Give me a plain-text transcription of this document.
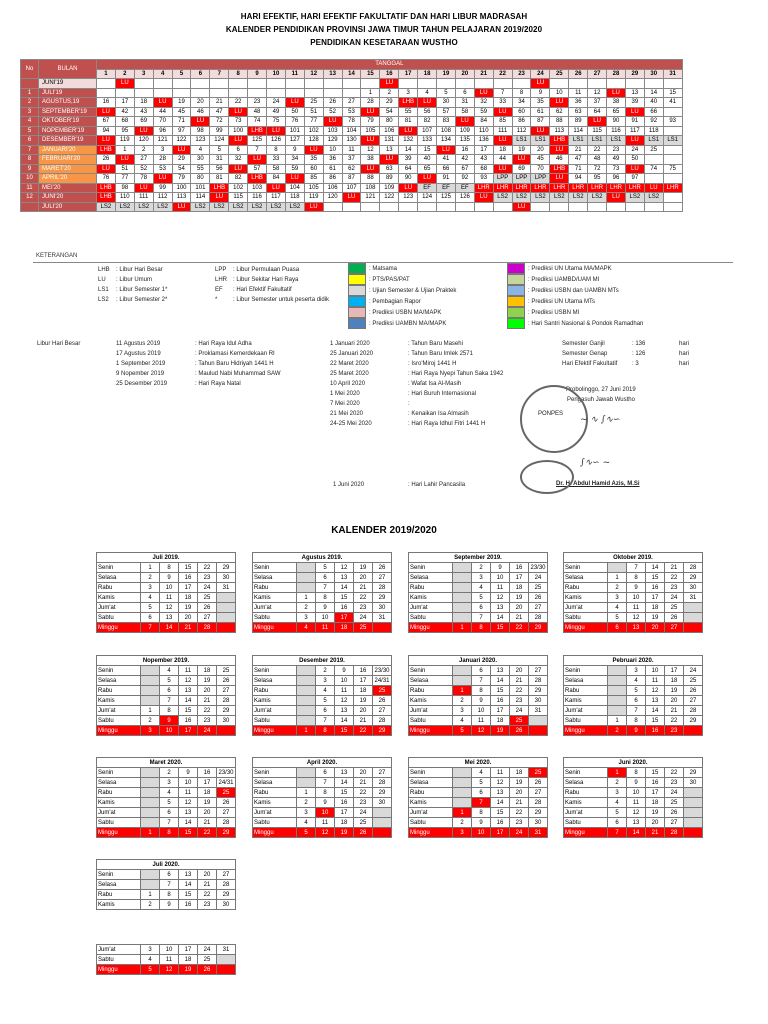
HARI EFEKTIF, HARI EFEKTIF FAKULTATIF DAN HARI LIBUR MADRASAH
KALENDER PENDIDIKAN PROVINSI JAWA TIMUR TAHUN PELAJARAN 2019/2020
PENDIDIKAN KESETARAAN WUSTHO
No	BULAN	TANGGAL																														
		1	2	3	4	5	6	7	8	9	10	11	12	13	14	15	16	17	18	19	20	21	22	23	24	25	26	27	28	29	30	31
	JUNI'19		LU														LU								LU							
1	JULI'19															1	2	3	4	5	6	LU	7	8	9	10	11	12	LU	13	14	15
2	AGUSTUS,19	16	17	18	LU	19	20	21	22	23	24	LU	25	26	27	28	29	LHB	LU	30	31	32	33	34	35	LU	36	37	38	39	40	41
3	SEPTEMBER'19	LU	42	43	44	45	46	47	LU	48	49	50	51	52	53	LU	54	55	56	57	58	59	LU	60	61	62	63	64	65	LU	66	
4	OKTOBER'19	67	68	69	70	71	LU	72	73	74	75	76	77	LU	78	79	80	81	82	83	LU	84	85	86	87	88	89	LU	90	91	92	93
5	NOPEMBER'19	94	95	LU	96	97	98	99	100	LHB	LU	101	102	103	104	105	106	LU	107	108	109	110	111	112	LU	113	114	115	116	117	118	
6	DESEMBER'19	LU	119	120	121	122	123	124	LU	125	126	127	128	129	130	LU	131	132	133	134	135	136	LU	LS1	LS1	LHB	LS1	LS1	LS1	LU	LS1	LS1
7	JANUARI'20	LHB	1	2	3	LU	4	5	6	7	8	9	LU	10	11	12	13	14	15	LU	16	17	18	19	20	LU	21	22	23	24	25	
8	FEBRUARI'20	26	LU	27	28	29	30	31	32	LU	33	34	35	36	37	38	LU	39	40	41	42	43	44	LU	45	46	47	48	49	50		
9	MARET'20	LU	51	52	53	54	55	56	LU	57	58	59	60	61	62	LU	63	64	65	66	67	68	LU	69	70	LHB	71	72	73	LU	74	75
10	APRIL'20	76	77	78	LU	79	80	81	82	LHB	84	LU	85	86	87	88	89	90	LU	91	92	93	LPP	LPP	LPP	LU	94	95	96	97		
11	MEI'20	LHB	98	LU	99	100	101	LHB	102	103	LU	104	105	106	107	108	109	LU	EF	EF	EF	LHR	LHR	LHR	LHR	LHR	LHR	LHR	LHR	LHR	LU	LHR
12	JUNI'20	LHB	110	111	112	113	114	LU	115	116	117	118	119	120	LU	121	122	123	124	125	126	LU	LS2	LS2	LS2	LS2	LS2	LS2	LU	LS2	LS2	
	JULI'20	LS2	LS2	LS2	LS2	LU	LS2	LS2	LS2	LS2	LS2	LS2	LU											LU								
KETERANGAN
LHB : Libur Hari Besar
LU : Libur Umum
LS1 : Libur Semester 1*
LS2 : Libur Semester 2*
LPP : Libur Permulaan Puasa
LHR : Libur Sekitar Hari Raya
EF : Hari Efektif Fakultatif
*	: Libur Semester untuk peserta didik
: Matsama
: PTS/PAS/PAT
: Ujian Semester & Ujian Praktek
: Pembagian Rapor
: Prediksi USBN MA/MAPK
: Prediksi UAMBN MA/MAPK
: Prediksi UN Utama MA/MAPK
: Prediksi UAMBD/UAM MI
: Prediksi USBN dan UAMBN MTs
: Prediksi UN Utama MTs
: Prediksi USBN MI
: Hari Santri Nasional & Pondok Ramadhan
Libur Hari Besar	11 Agustus 2019	: Hari Raya Idul Adha
17 Agustus 2019	: Proklamasi Kemerdekaan RI
1 September 2019	: Tahun Baru Hidriyah 1441 H
9 Nopember 2019	: Maulud Nabi Muhammad SAW
25 Desember 2019	: Hari Raya Natal
1 Januari 2020	: Tahun Baru Masehi
25 Januari 2020	: Tahun Baru Imlek 2571
22 Maret 2020	: Isro'Miroj 1441 H
25 Maret 2020	: Hari Raya Nyepi Tahun Saka 1942
10 April 2020	: Wafat Isa Al-Masih
1 Mei 2020	: Hari Buruh Internasional
7 Mei 2020	:
21 Mei 2020	: Kenaikan Isa Almasih
24-25 Mei 2020	: Hari Raya Idhul Fitri 1441 H
1 Juni 2020	: Hari Lahir Pancasila
Semester Ganjil	: 136	hari
Semester Genap	: 126	hari
Hari Efektif Fakultatif : 3	hari
Probolinggo, 27 Juni 2019
Pengasuh Jawab Wustho
PONPES
Dr. H. Abdul Hamid Azis, M.Si
KALENDER 2019/2020
Juli 2019.					
Senin	1	8	15	22	29
Selasa	2	9	16	23	30
Rabu	3	10	17	24	31
Kamis	4	11	18	25	
Jum'at	5	12	19	26	
Sabtu	6	13	20	27	
Minggu	7	14	21	28	
Agustus 2019.					
Senin		5	12	19	26
Selasa		6	13	20	27
Rabu		7	14	21	28
Kamis	1	8	15	22	29
Jum'at	2	9	16	23	30
Sabtu	3	10	17	24	31
Minggu	4	11	18	25	
September 2019.					
Senin		2	9	16	23/30
Selasa		3	10	17	24
Rabu		4	11	18	25
Kamis		5	12	19	26
Jum'at		6	13	20	27
Sabtu		7	14	21	28
Minggu	1	8	15	22	29
Oktober 2019.					
Senin		7	14	21	28
Selasa	1	8	15	22	29
Rabu	2	9	16	23	30
Kamis	3	10	17	24	31
Jum'at	4	11	18	25	
Sabtu	5	12	19	26	
Minggu	6	13	20	27	
Nopember 2019.					
Senin		4	11	18	25
Selasa		5	12	19	26
Rabu		6	13	20	27
Kamis		7	14	21	28
Jum'at	1	8	15	22	29
Sabtu	2	9	16	23	30
Minggu	3	10	17	24	
Desember 2019.					
Senin		2	9	16	23/30
Selasa		3	10	17	24/31
Rabu		4	11	18	25
Kamis		5	12	19	26
Jum'at		6	13	20	27
Sabtu		7	14	21	28
Minggu	1	8	15	22	29
Januari 2020.					
Senin		6	13	20	27
Selasa		7	14	21	28
Rabu	1	8	15	22	29
Kamis	2	9	16	23	30
Jum'at	3	10	17	24	31
Sabtu	4	11	18	25	
Minggu	5	12	19	26	
Pebruari 2020.					
Senin		3	10	17	24
Selasa		4	11	18	25
Rabu		5	12	19	26
Kamis		6	13	20	27
Jum'at		7	14	21	28
Sabtu	1	8	15	22	29
Minggu	2	9	16	23	
Maret 2020.					
Senin		2	9	16	23/30
Selasa		3	10	17	24/31
Rabu		4	11	18	25
Kamis		5	12	19	26
Jum'at		6	13	20	27
Sabtu		7	14	21	28
Minggu	1	8	15	22	29
April 2020.					
Senin		6	13	20	27
Selasa		7	14	21	28
Rabu	1	8	15	22	29
Kamis	2	9	16	23	30
Jum'at	3	10	17	24	
Sabtu	4	11	18	25	
Minggu	5	12	19	26	
Mei 2020.					
Senin		4	11	18	25
Selasa		5	12	19	26
Rabu		6	13	20	27
Kamis		7	14	21	28
Jum'at	1	8	15	22	29
Sabtu	2	9	16	23	30
Minggu	3	10	17	24	31
Juni 2020.					
Senin	1	8	15	22	29
Selasa	2	9	16	23	30
Rabu	3	10	17	24	
Kamis	4	11	18	25	
Jum'at	5	12	19	26	
Sabtu	6	13	20	27	
Minggu	7	14	21	28	
Juli 2020.					
Senin		6	13	20	27
Selasa		7	14	21	28
Rabu	1	8	15	22	29
Kamis	2	9	16	23	30
Jum'at	3	10	17	24	31
Sabtu	4	11	18	25	
Minggu	5	12	19	26	
~ ∿ ∫∿∽
∫∿∽ ~
